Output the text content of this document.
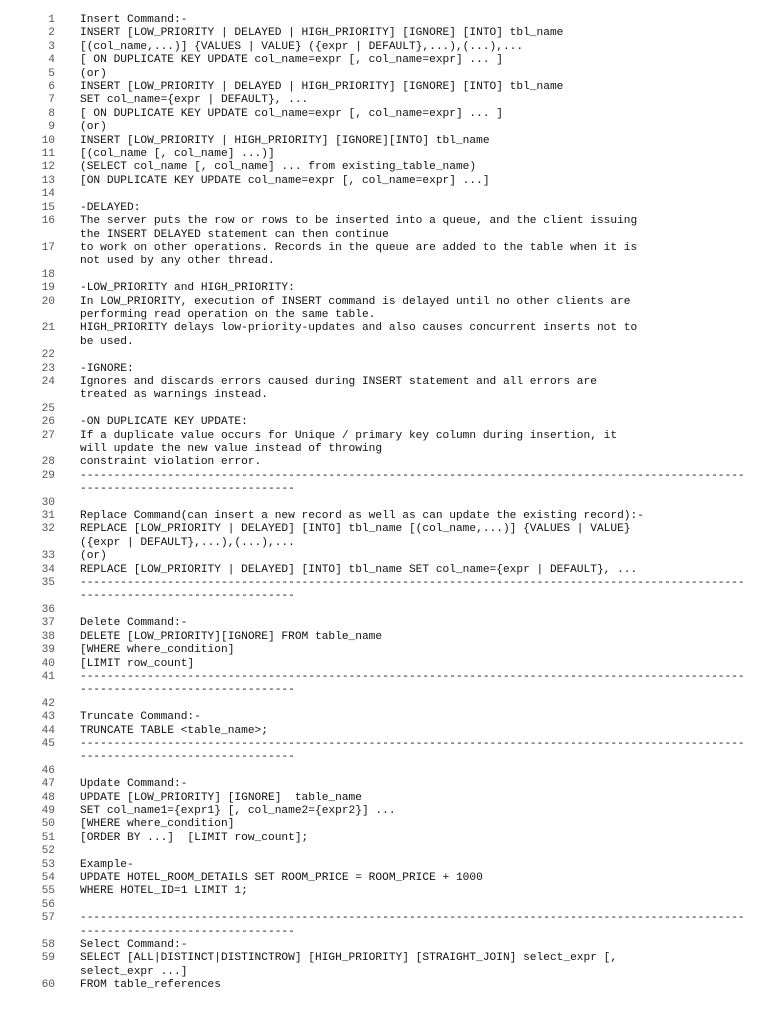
1 Insert Command:-
2 INSERT [LOW_PRIORITY | DELAYED | HIGH_PRIORITY] [IGNORE] [INTO] tbl_name
3 [(col_name,...)] {VALUES | VALUE} ({expr | DEFAULT},...),(...),...
4 [ ON DUPLICATE KEY UPDATE col_name=expr [, col_name=expr] ... ]
5 (or)
6 INSERT [LOW_PRIORITY | DELAYED | HIGH_PRIORITY] [IGNORE] [INTO] tbl_name
7 SET col_name={expr | DEFAULT}, ...
8 [ ON DUPLICATE KEY UPDATE col_name=expr [, col_name=expr] ... ]
9 (or)
10 INSERT [LOW_PRIORITY | HIGH_PRIORITY] [IGNORE][INTO] tbl_name
11 [(col_name [, col_name] ...)]
12 (SELECT col_name [, col_name] ... from existing_table_name)
13 [ON DUPLICATE KEY UPDATE col_name=expr [, col_name=expr] ...]
14
15 -DELAYED:
16 The server puts the row or rows to be inserted into a queue, and the client issuing
the INSERT DELAYED statement can then continue
17 to work on other operations. Records in the queue are added to the table when it is
not used by any other thread.
18
19 -LOW_PRIORITY and HIGH_PRIORITY:
20 In LOW_PRIORITY, execution of INSERT command is delayed until no other clients are
performing read operation on the same table.
21 HIGH_PRIORITY delays low-priority-updates and also causes concurrent inserts not to
be used.
22
23 -IGNORE:
24 Ignores and discards errors caused during INSERT statement and all errors are
treated as warnings instead.
25
26 -ON DUPLICATE KEY UPDATE:
27 If a duplicate value occurs for Unique / primary key column during insertion, it
will update the new value instead of throwing
28 constraint violation error.
29 -----------------------------------------------------------------------------------------------------------------------------------
30
31 Replace Command(can insert a new record as well as can update the existing record):-
32 REPLACE [LOW_PRIORITY | DELAYED] [INTO] tbl_name [(col_name,...)] {VALUES | VALUE}
({expr | DEFAULT},...),(...),...
33 (or)
34 REPLACE [LOW_PRIORITY | DELAYED] [INTO] tbl_name SET col_name={expr | DEFAULT}, ...
35 -----------------------------------------------------------------------------------------------------------------------------------
36
37 Delete Command:-
38 DELETE [LOW_PRIORITY][IGNORE] FROM table_name
39 [WHERE where_condition]
40 [LIMIT row_count]
41 -----------------------------------------------------------------------------------------------------------------------------------
42
43 Truncate Command:-
44 TRUNCATE TABLE <table_name>;
45 -----------------------------------------------------------------------------------------------------------------------------------
46
47 Update Command:-
48 UPDATE [LOW_PRIORITY] [IGNORE]  table_name
49 SET col_name1={expr1} [, col_name2={expr2}] ...
50 [WHERE where_condition]
51 [ORDER BY ...]  [LIMIT row_count];
52
53 Example-
54 UPDATE HOTEL_ROOM_DETAILS SET ROOM_PRICE = ROOM_PRICE + 1000
55 WHERE HOTEL_ID=1 LIMIT 1;
56
57 -----------------------------------------------------------------------------------------------------------------------------------
58 Select Command:-
59 SELECT [ALL|DISTINCT|DISTINCTROW] [HIGH_PRIORITY] [STRAIGHT_JOIN] select_expr [,
select_expr ...]
60 FROM table_references
